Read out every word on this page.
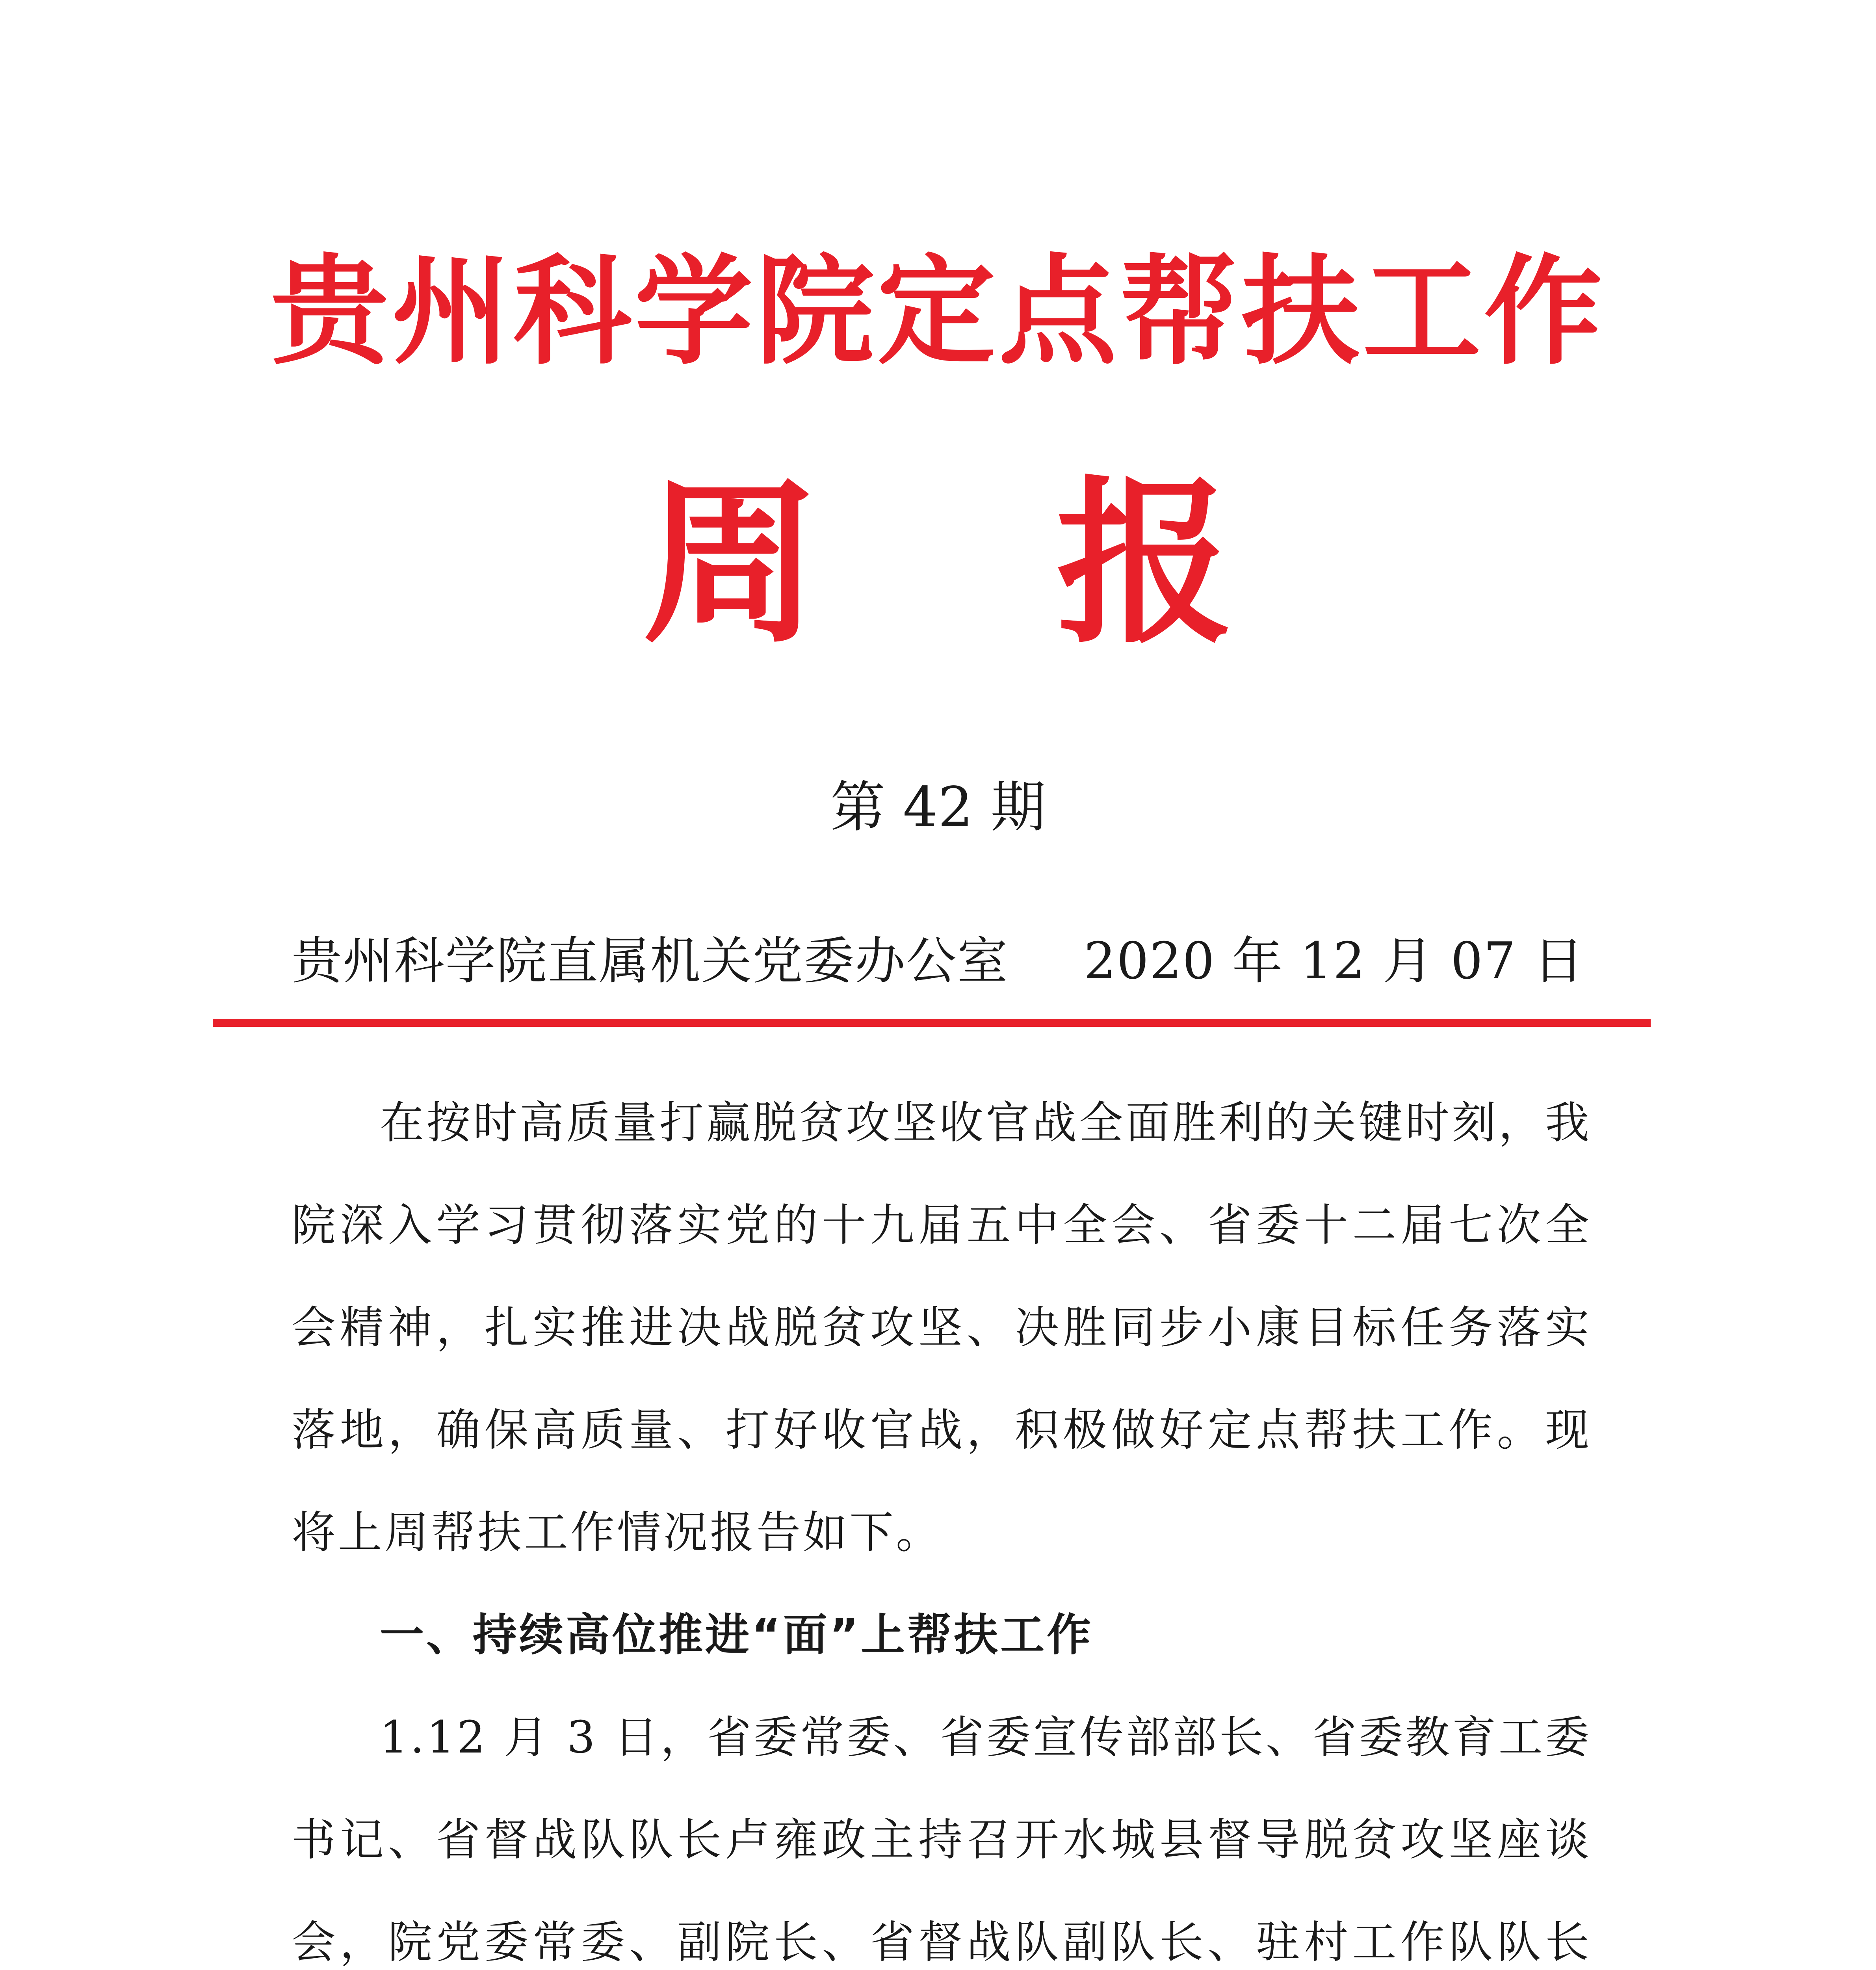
贵州科学院定点帮扶工作
周报
第 42 期
贵州科学院直属机关党委办公室 2020 年 12 月 07 日

在按时高质量打赢脱贫攻坚收官战全面胜利的关键时刻，我院深入学习贯彻落实党的十九届五中全会、省委十二届七次全会精神，扎实推进决战脱贫攻坚、决胜同步小康目标任务落实落地，确保高质量、打好收官战，积极做好定点帮扶工作。现将上周帮扶工作情况报告如下。

一、持续高位推进“面”上帮扶工作

1.12 月 3 日，省委常委、省委宣传部部长、省委教育工委书记、省督战队队长卢雍政主持召开水城县督导脱贫攻坚座谈会，院党委常委、副院长、省督战队副队长、驻村工作队队长
